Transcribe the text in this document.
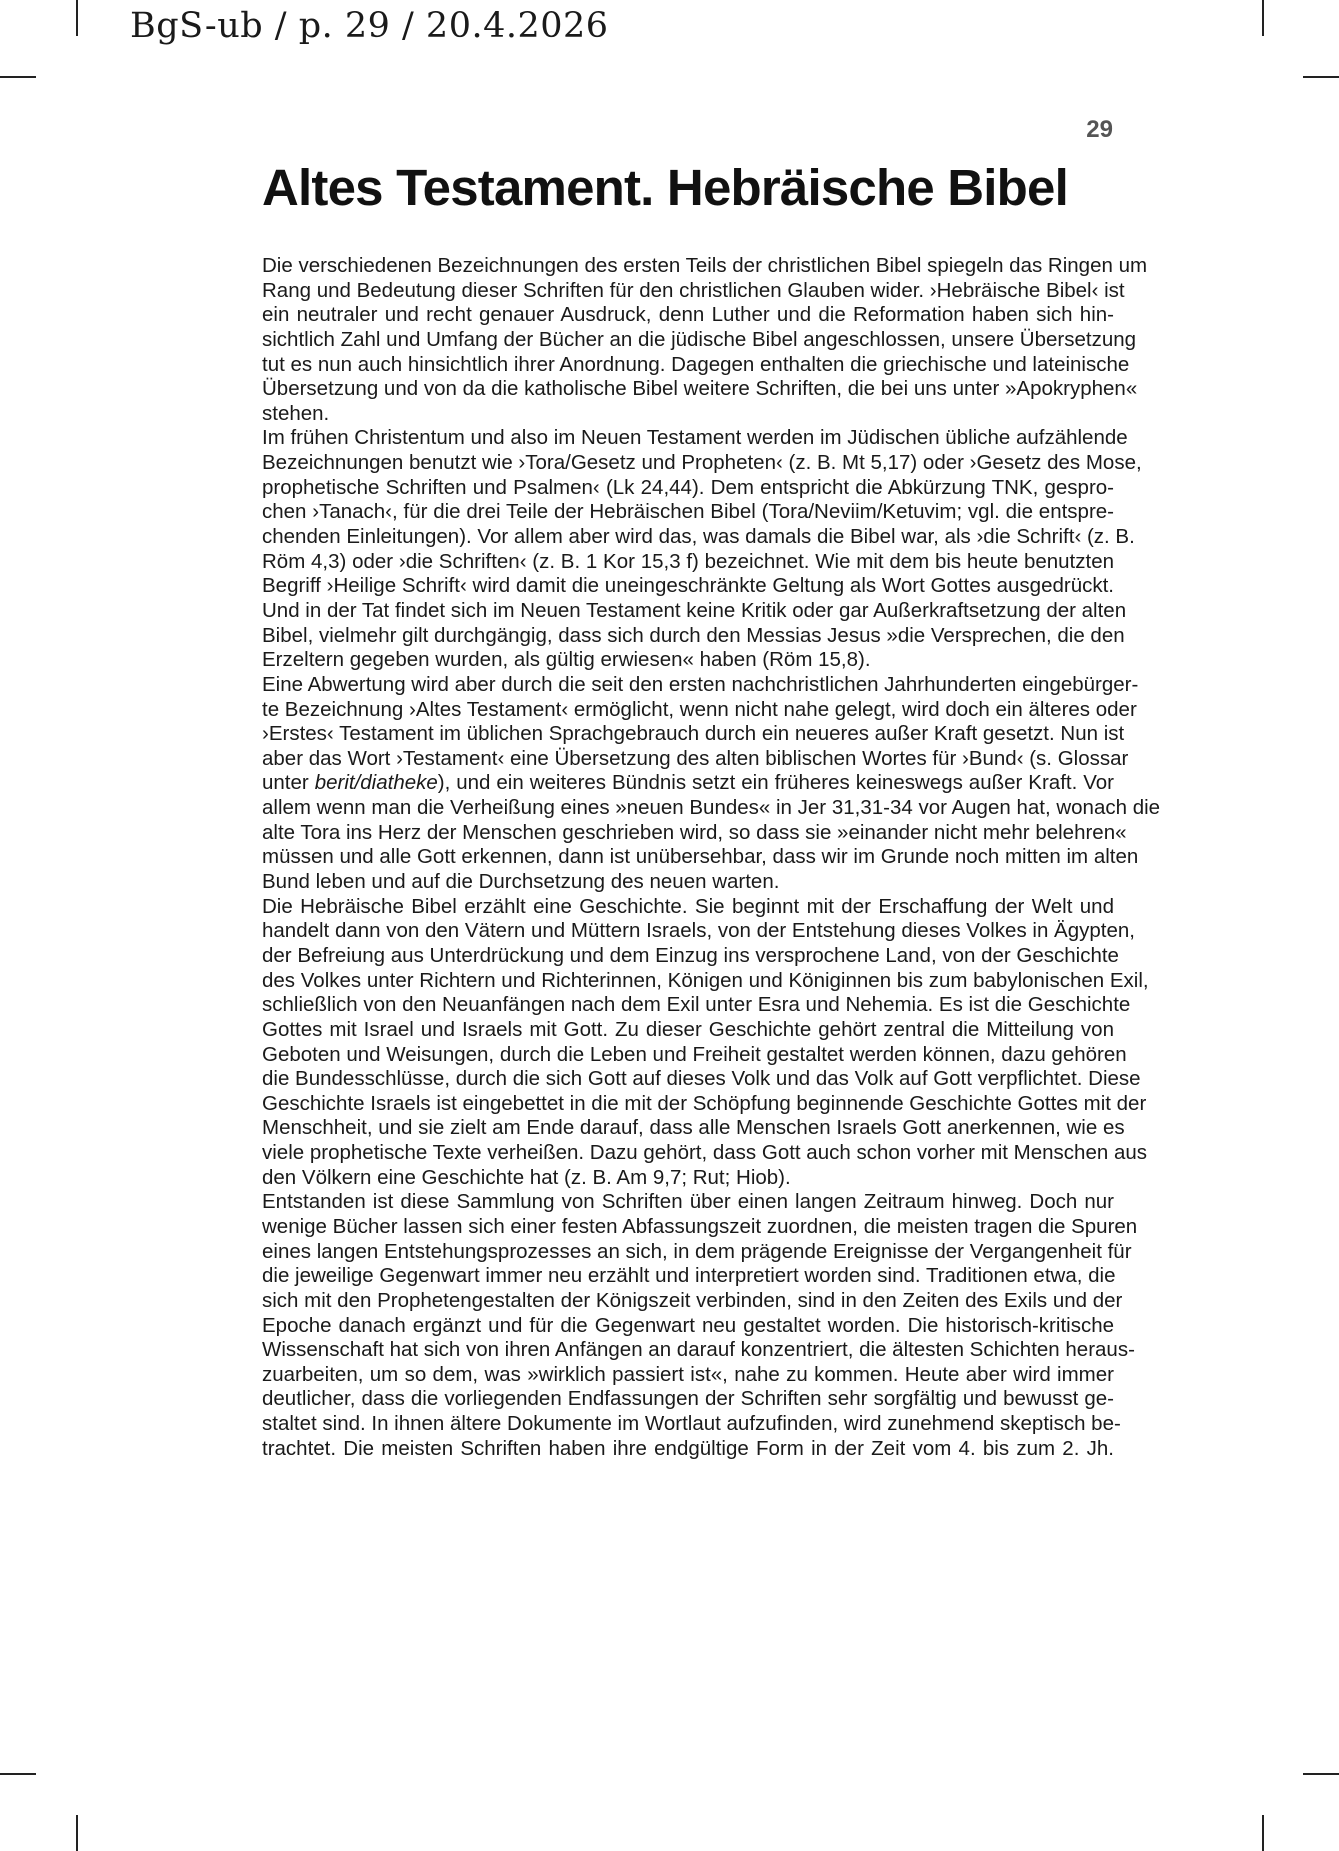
BgS-ub / p. 29 / 20.4.2026
29
Altes Testament. Hebräische Bibel
Die verschiedenen Bezeichnungen des ersten Teils der christlichen Bibel spiegeln das Ringen um
Rang und Bedeutung dieser Schriften für den christlichen Glauben wider. ›Hebräische Bibel‹ ist
ein neutraler und recht genauer Ausdruck, denn Luther und die Reformation haben sich hin-
sichtlich Zahl und Umfang der Bücher an die jüdische Bibel angeschlossen, unsere Übersetzung
tut es nun auch hinsichtlich ihrer Anordnung. Dagegen enthalten die griechische und lateinische
Übersetzung und von da die katholische Bibel weitere Schriften, die bei uns unter »Apokryphen«
stehen.
Im frühen Christentum und also im Neuen Testament werden im Jüdischen übliche aufzählende
Bezeichnungen benutzt wie ›Tora/Gesetz und Propheten‹ (z. B. Mt 5,17) oder ›Gesetz des Mose,
prophetische Schriften und Psalmen‹ (Lk 24,44). Dem entspricht die Abkürzung TNK, gespro-
chen ›Tanach‹, für die drei Teile der Hebräischen Bibel (Tora/Neviim/Ketuvim; vgl. die entspre-
chenden Einleitungen). Vor allem aber wird das, was damals die Bibel war, als ›die Schrift‹ (z. B.
Röm 4,3) oder ›die Schriften‹ (z. B. 1 Kor 15,3 f) bezeichnet. Wie mit dem bis heute benutzten
Begriff ›Heilige Schrift‹ wird damit die uneingeschränkte Geltung als Wort Gottes ausgedrückt.
Und in der Tat findet sich im Neuen Testament keine Kritik oder gar Außerkraftsetzung der alten
Bibel, vielmehr gilt durchgängig, dass sich durch den Messias Jesus »die Versprechen, die den
Erzeltern gegeben wurden, als gültig erwiesen« haben (Röm 15,8).
Eine Abwertung wird aber durch die seit den ersten nachchristlichen Jahrhunderten eingebürger-
te Bezeichnung ›Altes Testament‹ ermöglicht, wenn nicht nahe gelegt, wird doch ein älteres oder
›Erstes‹ Testament im üblichen Sprachgebrauch durch ein neueres außer Kraft gesetzt. Nun ist
aber das Wort ›Testament‹ eine Übersetzung des alten biblischen Wortes für ›Bund‹ (s. Glossar
unter berit/diatheke), und ein weiteres Bündnis setzt ein früheres keineswegs außer Kraft. Vor
allem wenn man die Verheißung eines »neuen Bundes« in Jer 31,31-34 vor Augen hat, wonach die
alte Tora ins Herz der Menschen geschrieben wird, so dass sie »einander nicht mehr belehren«
müssen und alle Gott erkennen, dann ist unübersehbar, dass wir im Grunde noch mitten im alten
Bund leben und auf die Durchsetzung des neuen warten.
Die Hebräische Bibel erzählt eine Geschichte. Sie beginnt mit der Erschaffung der Welt und
handelt dann von den Vätern und Müttern Israels, von der Entstehung dieses Volkes in Ägypten,
der Befreiung aus Unterdrückung und dem Einzug ins versprochene Land, von der Geschichte
des Volkes unter Richtern und Richterinnen, Königen und Königinnen bis zum babylonischen Exil,
schließlich von den Neuanfängen nach dem Exil unter Esra und Nehemia. Es ist die Geschichte
Gottes mit Israel und Israels mit Gott. Zu dieser Geschichte gehört zentral die Mitteilung von
Geboten und Weisungen, durch die Leben und Freiheit gestaltet werden können, dazu gehören
die Bundesschlüsse, durch die sich Gott auf dieses Volk und das Volk auf Gott verpflichtet. Diese
Geschichte Israels ist eingebettet in die mit der Schöpfung beginnende Geschichte Gottes mit der
Menschheit, und sie zielt am Ende darauf, dass alle Menschen Israels Gott anerkennen, wie es
viele prophetische Texte verheißen. Dazu gehört, dass Gott auch schon vorher mit Menschen aus
den Völkern eine Geschichte hat (z. B. Am 9,7; Rut; Hiob).
Entstanden ist diese Sammlung von Schriften über einen langen Zeitraum hinweg. Doch nur
wenige Bücher lassen sich einer festen Abfassungszeit zuordnen, die meisten tragen die Spuren
eines langen Entstehungsprozesses an sich, in dem prägende Ereignisse der Vergangenheit für
die jeweilige Gegenwart immer neu erzählt und interpretiert worden sind. Traditionen etwa, die
sich mit den Prophetengestalten der Königszeit verbinden, sind in den Zeiten des Exils und der
Epoche danach ergänzt und für die Gegenwart neu gestaltet worden. Die historisch-kritische
Wissenschaft hat sich von ihren Anfängen an darauf konzentriert, die ältesten Schichten heraus-
zuarbeiten, um so dem, was »wirklich passiert ist«, nahe zu kommen. Heute aber wird immer
deutlicher, dass die vorliegenden Endfassungen der Schriften sehr sorgfältig und bewusst ge-
staltet sind. In ihnen ältere Dokumente im Wortlaut aufzufinden, wird zunehmend skeptisch be-
trachtet. Die meisten Schriften haben ihre endgültige Form in der Zeit vom 4. bis zum 2. Jh.
